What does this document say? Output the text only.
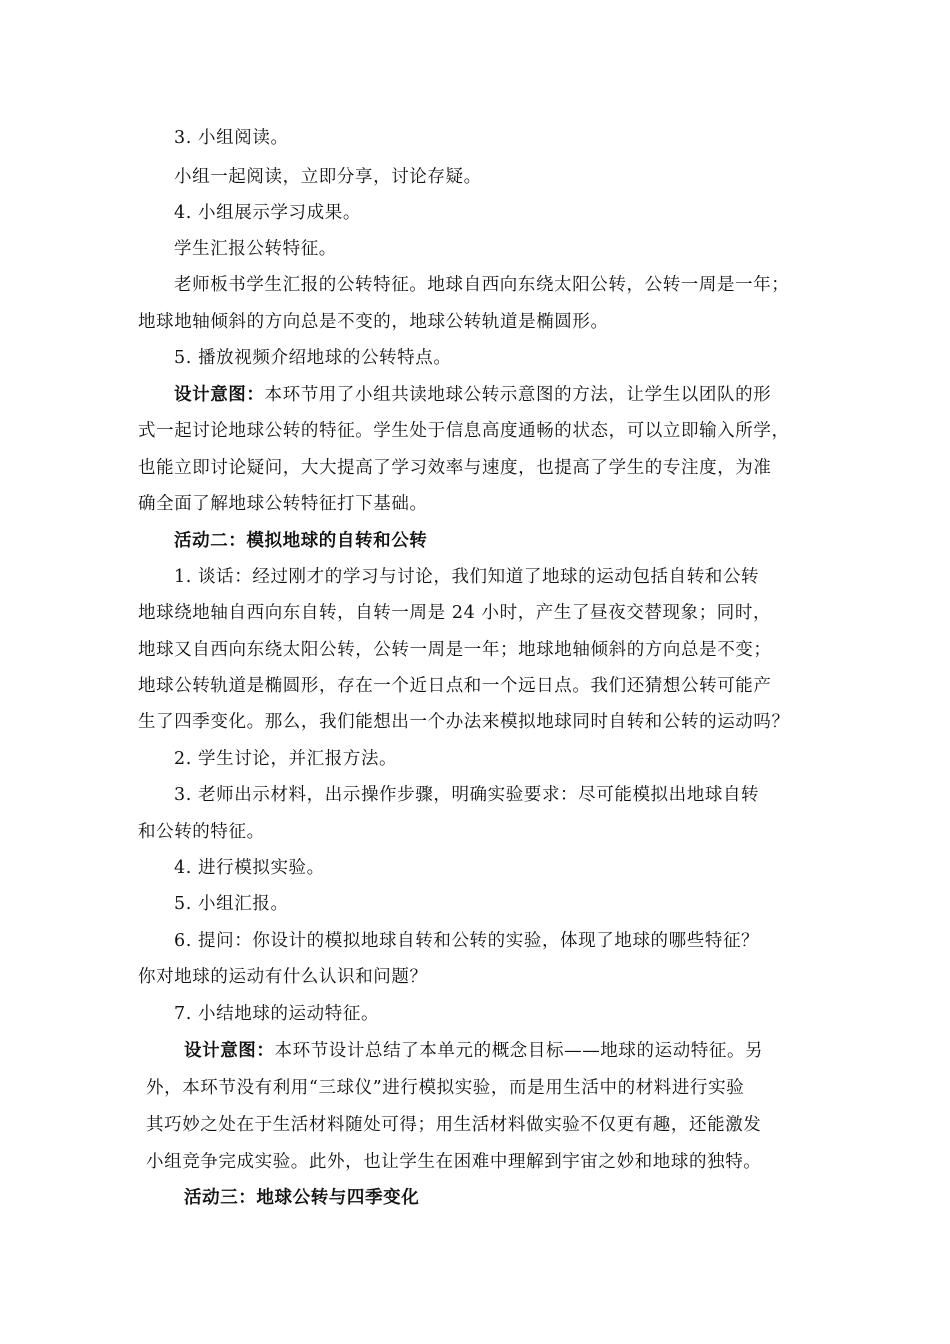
3. 小组阅读。
小组一起阅读，立即分享，讨论存疑。
4. 小组展示学习成果。
学生汇报公转特征。
老师板书学生汇报的公转特征。地球自西向东绕太阳公转，公转一周是一年；
地球地轴倾斜的方向总是不变的，地球公转轨道是椭圆形。
5. 播放视频介绍地球的公转特点。
设计意图：本环节用了小组共读地球公转示意图的方法，让学生以团队的形
式一起讨论地球公转的特征。学生处于信息高度通畅的状态，可以立即输入所学，
也能立即讨论疑问，大大提高了学习效率与速度，也提高了学生的专注度，为准
确全面了解地球公转特征打下基础。
活动二：模拟地球的自转和公转
1. 谈话：经过刚才的学习与讨论，我们知道了地球的运动包括自转和公转
地球绕地轴自西向东自转，自转一周是 24 小时，产生了昼夜交替现象；同时，
地球又自西向东绕太阳公转，公转一周是一年；地球地轴倾斜的方向总是不变；
地球公转轨道是椭圆形，存在一个近日点和一个远日点。我们还猜想公转可能产
生了四季变化。那么，我们能想出一个办法来模拟地球同时自转和公转的运动吗？
2. 学生讨论，并汇报方法。
3. 老师出示材料，出示操作步骤，明确实验要求：尽可能模拟出地球自转
和公转的特征。
4. 进行模拟实验。
5. 小组汇报。
6. 提问：你设计的模拟地球自转和公转的实验，体现了地球的哪些特征？
你对地球的运动有什么认识和问题？
7. 小结地球的运动特征。
设计意图：本环节设计总结了本单元的概念目标——地球的运动特征。另
外，本环节没有利用“三球仪”进行模拟实验，而是用生活中的材料进行实验
其巧妙之处在于生活材料随处可得；用生活材料做实验不仅更有趣，还能激发
小组竞争完成实验。此外，也让学生在困难中理解到宇宙之妙和地球的独特。
活动三：地球公转与四季变化
